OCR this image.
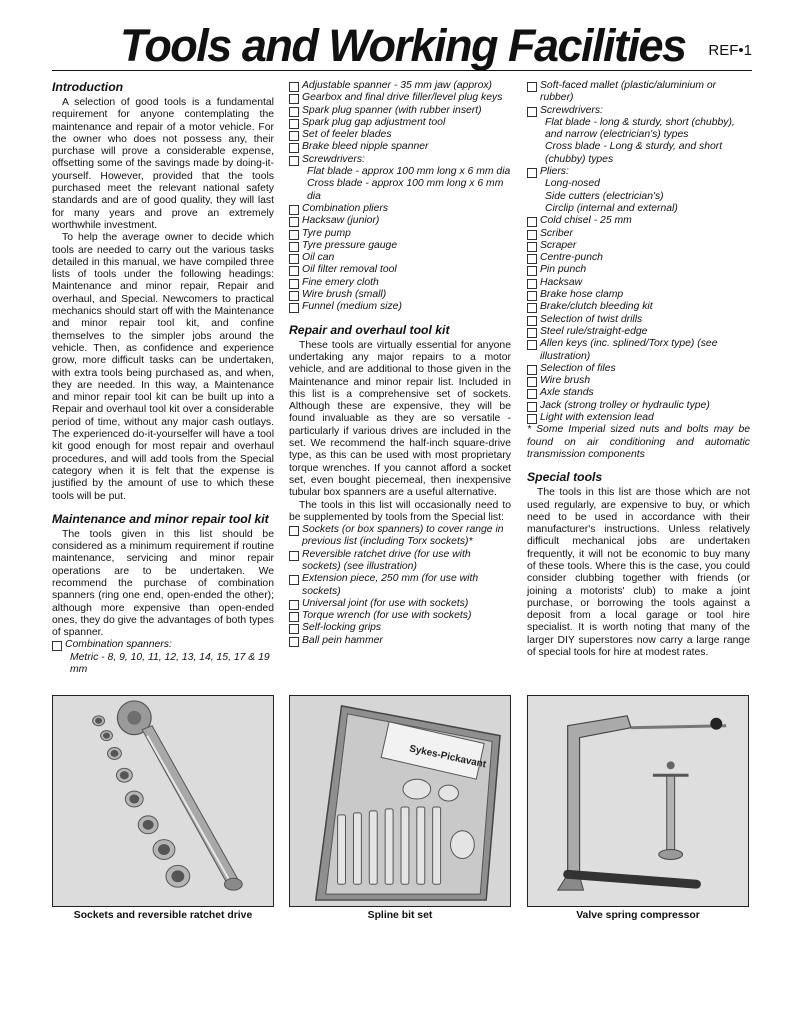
Tools and Working Facilities REF•1
Introduction

A selection of good tools is a fundamental requirement for anyone contemplating the maintenance and repair of a motor vehicle. For the owner who does not possess any, their purchase will prove a considerable expense, offsetting some of the savings made by doing-it-yourself. However, provided that the tools purchased meet the relevant national safety standards and are of good quality, they will last for many years and prove an extremely worthwhile investment.

To help the average owner to decide which tools are needed to carry out the various tasks detailed in this manual, we have compiled three lists of tools under the following headings: Maintenance and minor repair, Repair and overhaul, and Special. Newcomers to practical mechanics should start off with the Maintenance and minor repair tool kit, and confine themselves to the simpler jobs around the vehicle. Then, as confidence and experience grow, more difficult tasks can be undertaken, with extra tools being purchased as, and when, they are needed. In this way, a Maintenance and minor repair tool kit can be built up into a Repair and overhaul tool kit over a considerable period of time, without any major cash outlays. The experienced do-it-yourselfer will have a tool kit good enough for most repair and overhaul procedures, and will add tools from the Special category when it is felt that the expense is justified by the amount of use to which these tools will be put.

Maintenance and minor repair tool kit

The tools given in this list should be considered as a minimum requirement if routine maintenance, servicing and minor repair operations are to be undertaken. We recommend the purchase of combination spanners (ring one end, open-ended the other); although more expensive than open-ended ones, they do give the advantages of both types of spanner.

Combination spanners:
Metric - 8, 9, 10, 11, 12, 13, 14, 15, 17 & 19 mm
Adjustable spanner - 35 mm jaw (approx)
Gearbox and final drive filler/level plug keys
Spark plug spanner (with rubber insert)
Spark plug gap adjustment tool
Set of feeler blades
Brake bleed nipple spanner
Screwdrivers:
Flat blade - approx 100 mm long x 6 mm dia
Cross blade - approx 100 mm long x 6 mm dia
Combination pliers
Hacksaw (junior)
Tyre pump
Tyre pressure gauge
Oil can
Oil filter removal tool
Fine emery cloth
Wire brush (small)
Funnel (medium size)
Repair and overhaul tool kit

These tools are virtually essential for anyone undertaking any major repairs to a motor vehicle, and are additional to those given in the Maintenance and minor repair list. Included in this list is a comprehensive set of sockets. Although these are expensive, they will be found invaluable as they are so versatile - particularly if various drives are included in the set. We recommend the half-inch square-drive type, as this can be used with most proprietary torque wrenches. If you cannot afford a socket set, even bought piecemeal, then inexpensive tubular box spanners are a useful alternative.

The tools in this list will occasionally need to be supplemented by tools from the Special list:

Sockets (or box spanners) to cover range in previous list (including Torx sockets)*
Reversible ratchet drive (for use with sockets) (see illustration)
Extension piece, 250 mm (for use with sockets)
Universal joint (for use with sockets)
Torque wrench (for use with sockets)
Self-locking grips
Ball pein hammer
Soft-faced mallet (plastic/aluminium or rubber)
Screwdrivers:
Flat blade - long & sturdy, short (chubby), and narrow (electrician's) types
Cross blade - Long & sturdy, and short (chubby) types
Pliers:
Long-nosed
Side cutters (electrician's)
Circlip (internal and external)
Cold chisel - 25 mm
Scriber
Scraper
Centre-punch
Pin punch
Hacksaw
Brake hose clamp
Brake/clutch bleeding kit
Selection of twist drills
Steel rule/straight-edge
Allen keys (inc. splined/Torx type) (see illustration)
Selection of files
Wire brush
Axle stands
Jack (strong trolley or hydraulic type)
Light with extension lead

* Some Imperial sized nuts and bolts may be found on air conditioning and automatic transmission components

Special tools

The tools in this list are those which are not used regularly, are expensive to buy, or which need to be used in accordance with their manufacturer's instructions. Unless relatively difficult mechanical jobs are undertaken frequently, it will not be economic to buy many of these tools. Where this is the case, you could consider clubbing together with friends (or joining a motorists' club) to make a joint purchase, or borrowing the tools against a deposit from a local garage or tool hire specialist. It is worth noting that many of the larger DIY superstores now carry a large range of special tools for hire at modest rates.

Sockets and reversible ratchet drive
Sykes-Pickavant
Spline bit set	Valve spring compressor
